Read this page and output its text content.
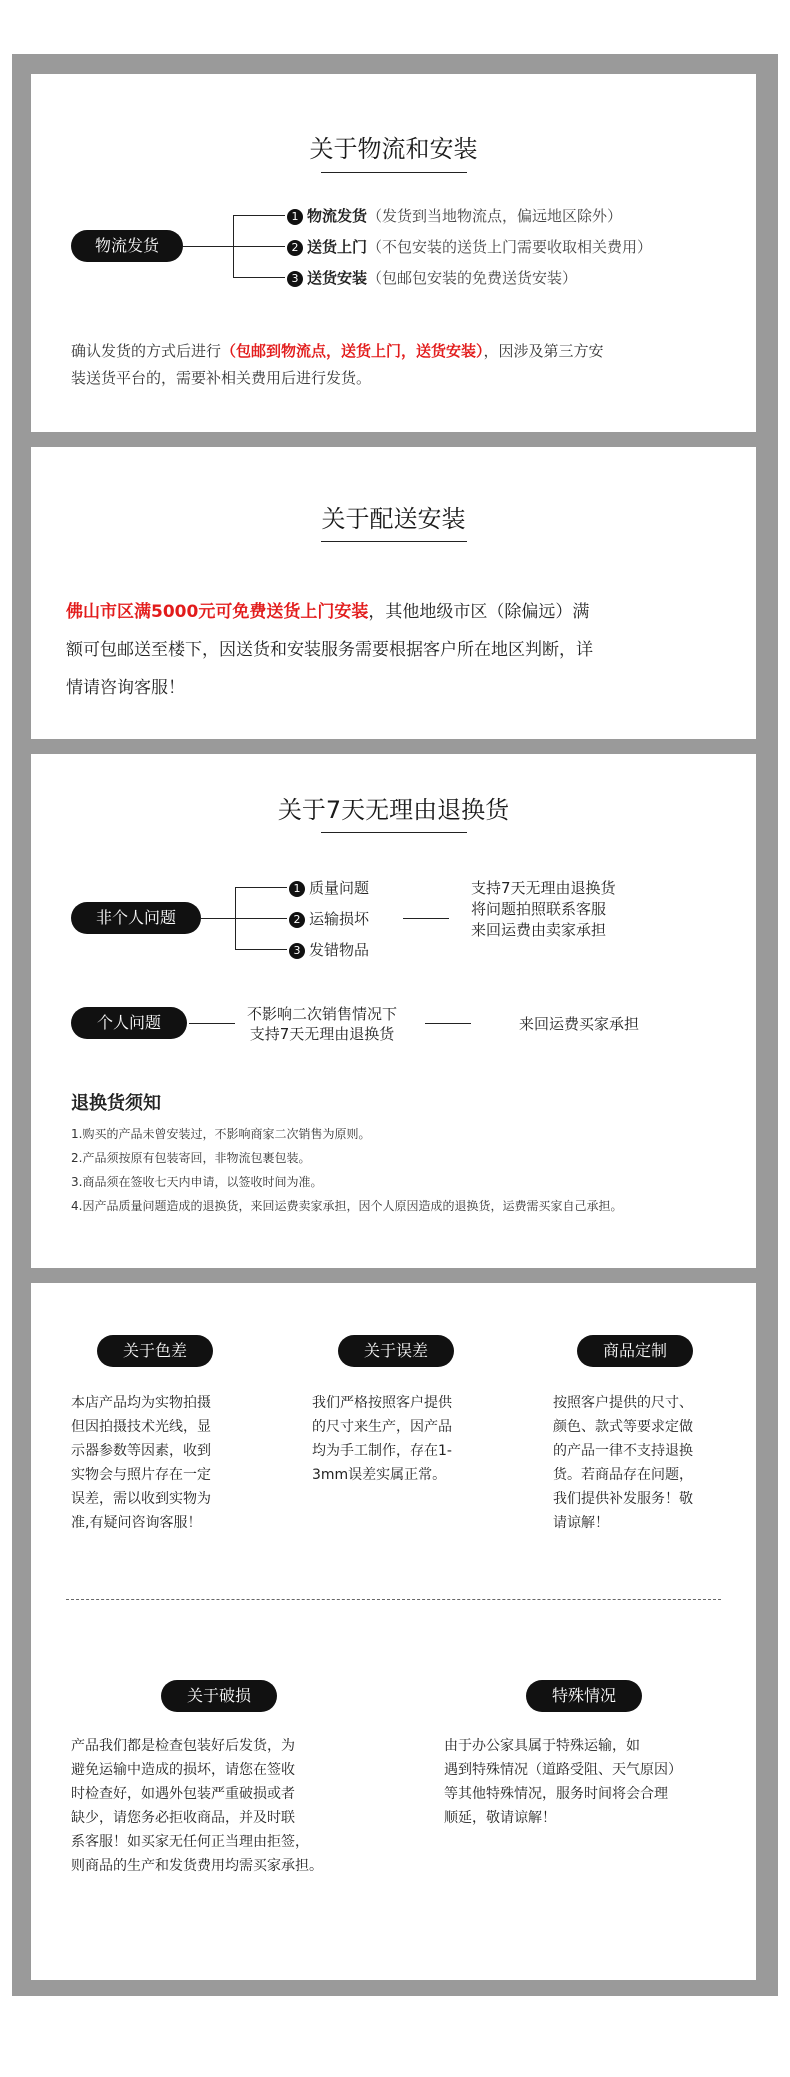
关于物流和安装
物流发货
1 物流发货（发货到当地物流点，偏远地区除外）
2 送货上门（不包安装的送货上门需要收取相关费用）
3 送货安装（包邮包安装的免费送货安装）
确认发货的方式后进行（包邮到物流点，送货上门，送货安装），因涉及第三方安
装送货平台的，需要补相关费用后进行发货。
关于配送安装
佛山市区满5000元可免费送货上门安装，其他地级市区（除偏远）满
额可包邮送至楼下，因送货和安装服务需要根据客户所在地区判断，详
情请咨询客服！
关于7天无理由退换货
非个人问题
1 质量问题
2 运输损坏
3 发错物品
支持7天无理由退换货
将问题拍照联系客服
来回运费由卖家承担
个人问题	不影响二次销售情况下
支持7天无理由退换货
来回运费买家承担
退换货须知
1.购买的产品未曾安装过，不影响商家二次销售为原则。
2.产品须按原有包装寄回，非物流包裹包装。
3.商品须在签收七天内申请，以签收时间为准。
4.因产品质量问题造成的退换货，来回运费卖家承担，因个人原因造成的退换货，运费需买家自己承担。
关于色差	关于误差	商品定制
本店产品均为实物拍摄
但因拍摄技术光线，显
示器参数等因素，收到
实物会与照片存在一定
误差，需以收到实物为
准,有疑问咨询客服！
我们严格按照客户提供
的尺寸来生产，因产品
均为手工制作，存在1-
3mm误差实属正常。
按照客户提供的尺寸、
颜色、款式等要求定做
的产品一律不支持退换
货。若商品存在问题，
我们提供补发服务！敬
请谅解！
关于破损	特殊情况
产品我们都是检查包装好后发货，为
避免运输中造成的损坏，请您在签收
时检查好，如遇外包装严重破损或者
缺少，请您务必拒收商品，并及时联
系客服！如买家无任何正当理由拒签，
则商品的生产和发货费用均需买家承担。
由于办公家具属于特殊运输，如
遇到特殊情况（道路受阻、天气原因）
等其他特殊情况，服务时间将会合理
顺延，敬请谅解！
